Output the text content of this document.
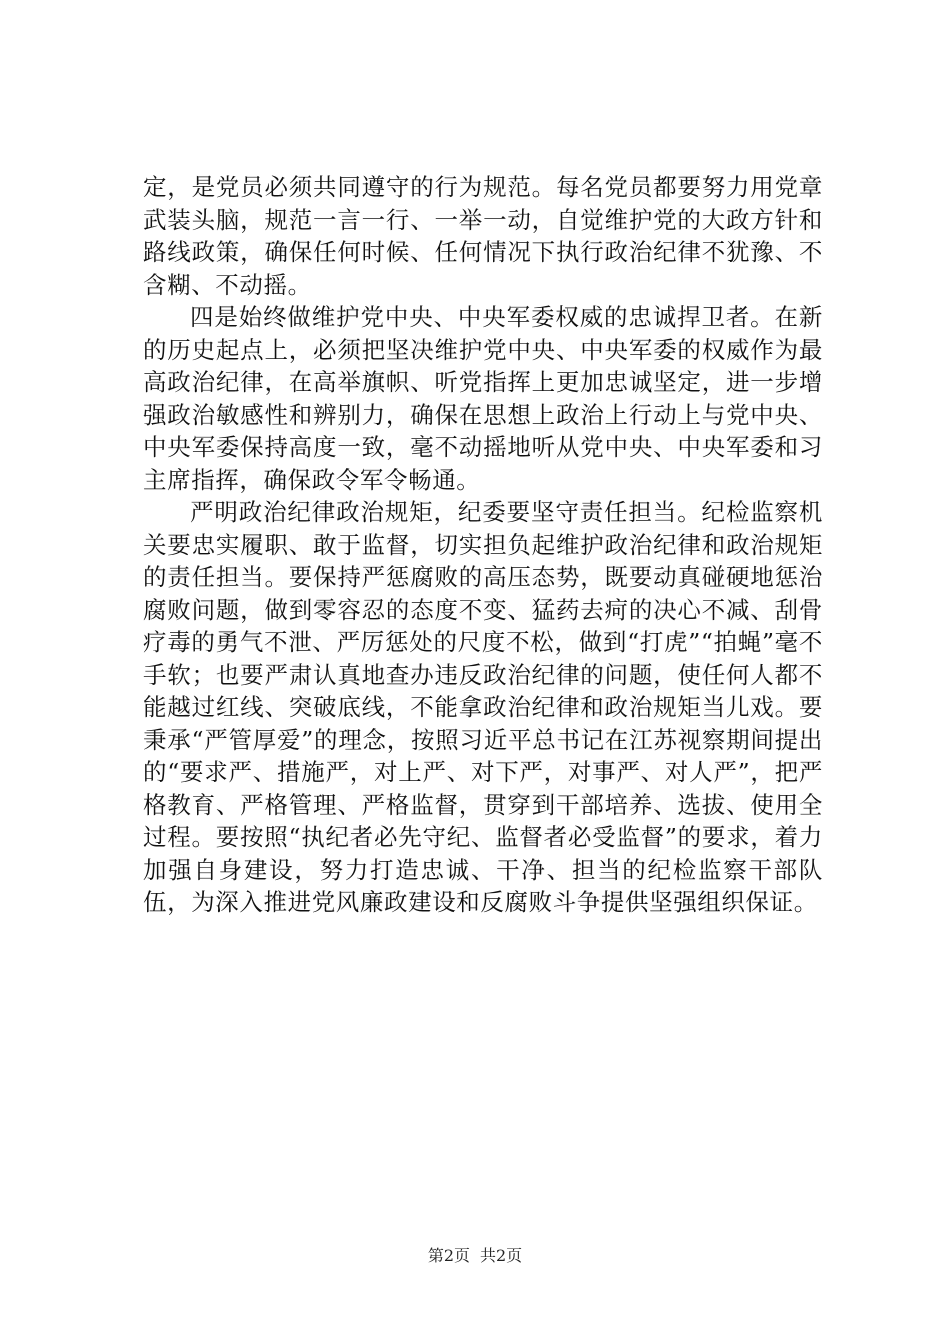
定，是党员必须共同遵守的行为规范。每名党员都要努力用党章武装头脑，规范一言一行、一举一动，自觉维护党的大政方针和路线政策，确保任何时候、任何情况下执行政治纪律不犹豫、不含糊、不动摇。

四是始终做维护党中央、中央军委权威的忠诚捍卫者。在新的历史起点上，必须把坚决维护党中央、中央军委的权威作为最高政治纪律，在高举旗帜、听党指挥上更加忠诚坚定，进一步增强政治敏感性和辨别力，确保在思想上政治上行动上与党中央、中央军委保持高度一致，毫不动摇地听从党中央、中央军委和习主席指挥，确保政令军令畅通。

严明政治纪律政治规矩，纪委要坚守责任担当。纪检监察机关要忠实履职、敢于监督，切实担负起维护政治纪律和政治规矩的责任担当。要保持严惩腐败的高压态势，既要动真碰硬地惩治腐败问题，做到零容忍的态度不变、猛药去疴的决心不减、刮骨疗毒的勇气不泄、严厉惩处的尺度不松，做到“打虎”“拍蝇”毫不手软；也要严肃认真地查办违反政治纪律的问题，使任何人都不能越过红线、突破底线，不能拿政治纪律和政治规矩当儿戏。要秉承“严管厚爱”的理念，按照习近平总书记在江苏视察期间提出的“要求严、措施严，对上严、对下严，对事严、对人严”，把严格教育、严格管理、严格监督，贯穿到干部培养、选拔、使用全过程。要按照“执纪者必先守纪、监督者必受监督”的要求，着力加强自身建设，努力打造忠诚、干净、担当的纪检监察干部队伍，为深入推进党风廉政建设和反腐败斗争提供坚强组织保证。

第2页 共2页
